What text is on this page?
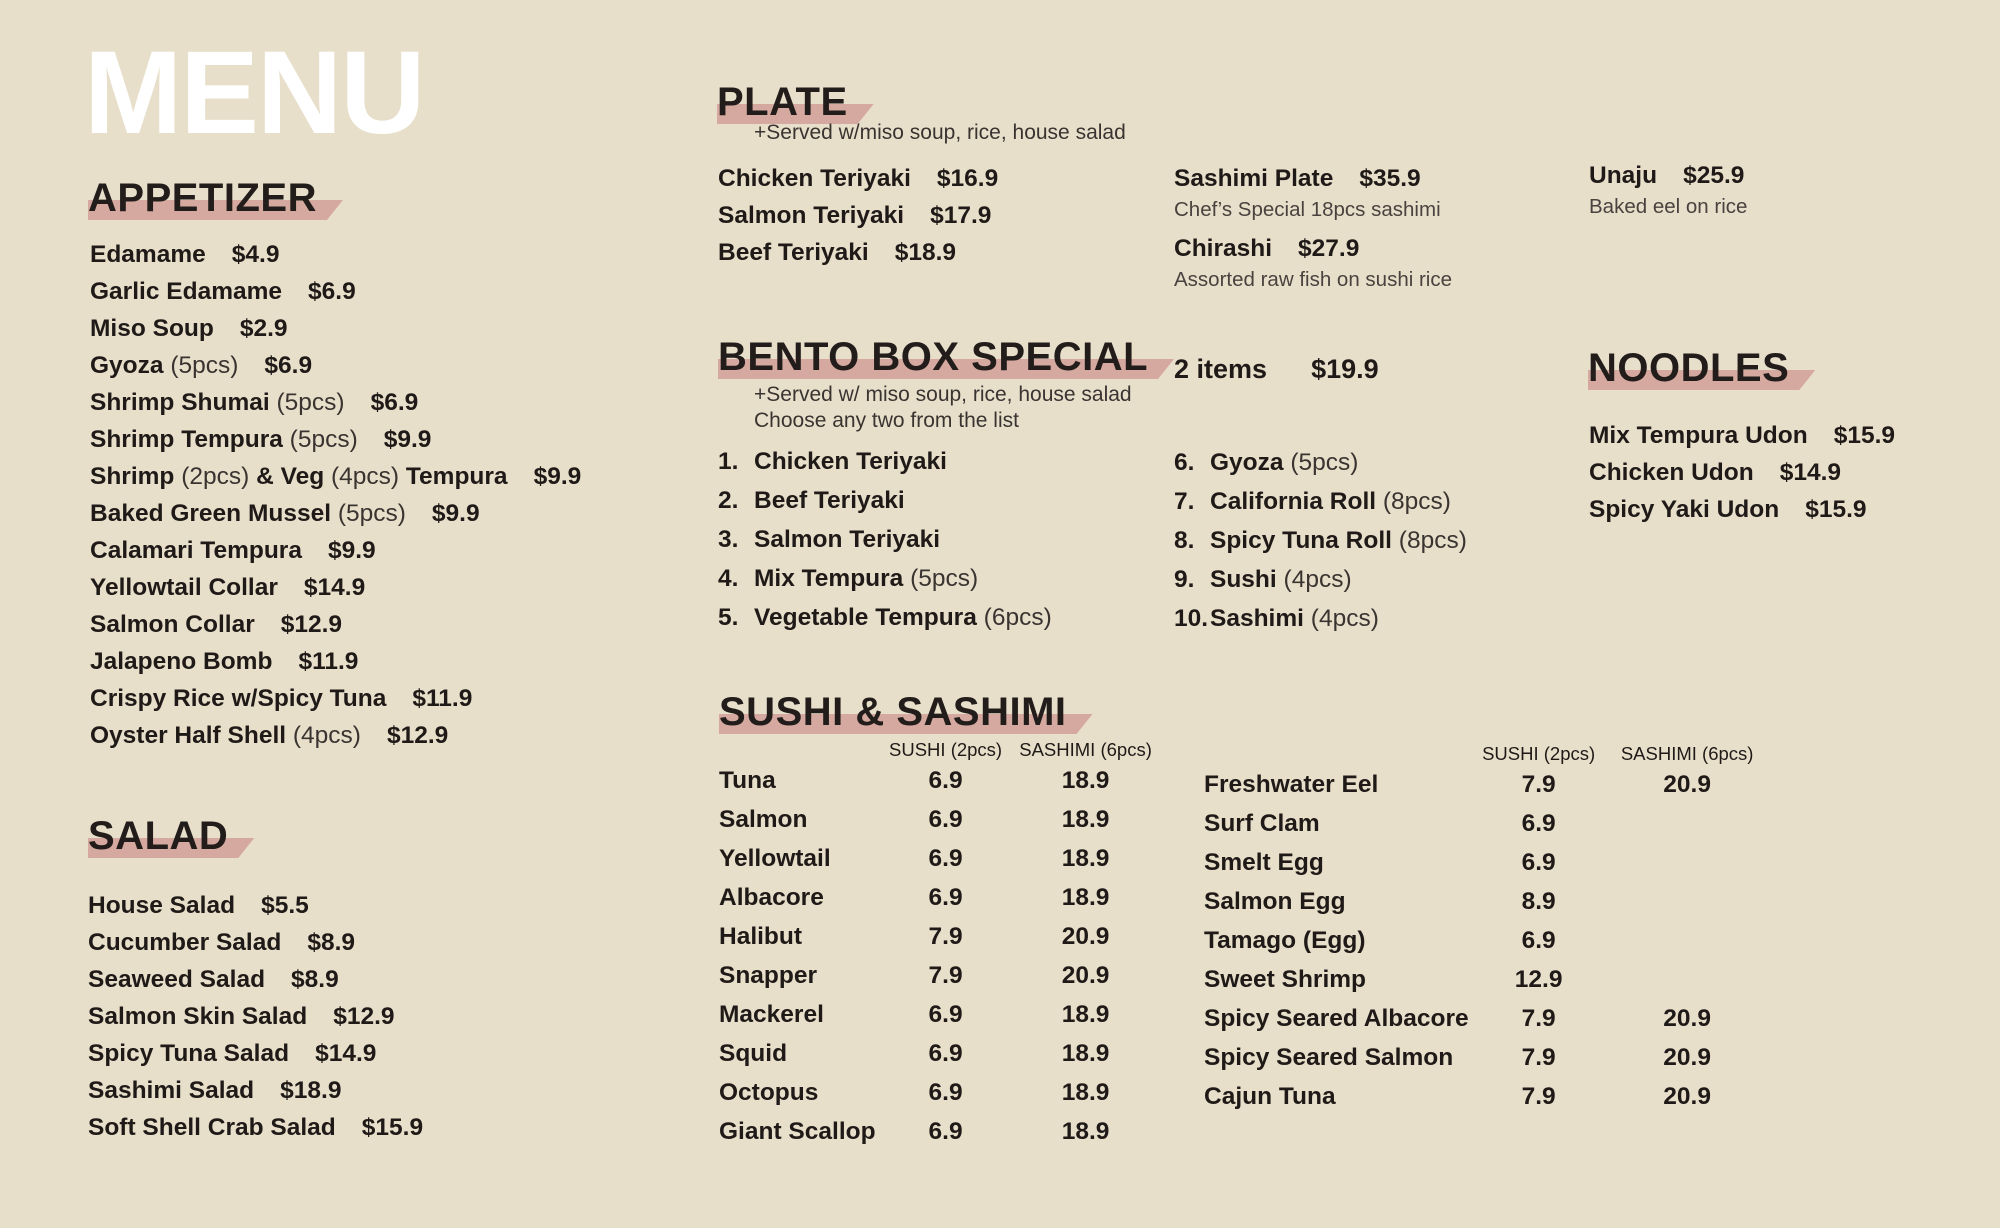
MENU
APPETIZER
Edamame $4.9
Garlic Edamame $6.9
Miso Soup $2.9
Gyoza (5pcs) $6.9
Shrimp Shumai (5pcs) $6.9
Shrimp Tempura (5pcs) $9.9
Shrimp (2pcs) & Veg (4pcs) Tempura $9.9
Baked Green Mussel (5pcs) $9.9
Calamari Tempura $9.9
Yellowtail Collar $14.9
Salmon Collar $12.9
Jalapeno Bomb $11.9
Crispy Rice w/Spicy Tuna $11.9
Oyster Half Shell (4pcs) $12.9
SALAD
House Salad $5.5
Cucumber Salad $8.9
Seaweed Salad $8.9
Salmon Skin Salad $12.9
Spicy Tuna Salad $14.9
Sashimi Salad $18.9
Soft Shell Crab Salad $15.9
PLATE
+Served w/miso soup, rice, house salad
Chicken Teriyaki $16.9
Salmon Teriyaki $17.9
Beef Teriyaki $18.9
Sashimi Plate $35.9
Chef’s Special 18pcs sashimi
Chirashi $27.9
Assorted raw fish on sushi rice
Unaju $25.9
Baked eel on rice
BENTO BOX SPECIAL
+Served w/ miso soup, rice, house salad
Choose any two from the list
2 items $19.9
1. Chicken Teriyaki
2. Beef Teriyaki
3. Salmon Teriyaki
4. Mix Tempura (5pcs)
5. Vegetable Tempura (6pcs)
6. Gyoza (5pcs)
7. California Roll (8pcs)
8. Spicy Tuna Roll (8pcs)
9. Sushi (4pcs)
10.Sashimi (4pcs)
NOODLES
Mix Tempura Udon $15.9
Chicken Udon $14.9
Spicy Yaki Udon $15.9
SUSHI & SASHIMI
	SUSHI (2pcs)	SASHIMI (6pcs)
Tuna	6.9	18.9
Salmon	6.9	18.9
Yellowtail	6.9	18.9
Albacore	6.9	18.9
Halibut	7.9	20.9
Snapper	7.9	20.9
Mackerel	6.9	18.9
Squid	6.9	18.9
Octopus	6.9	18.9
Giant Scallop	6.9	18.9
	SUSHI (2pcs)	SASHIMI (6pcs)
Freshwater Eel	7.9	20.9
Surf Clam	6.9	
Smelt Egg	6.9	
Salmon Egg	8.9	
Tamago (Egg)	6.9	
Sweet Shrimp	12.9	
Spicy Seared Albacore	7.9	20.9
Spicy Seared Salmon	7.9	20.9
Cajun Tuna	7.9	20.9
